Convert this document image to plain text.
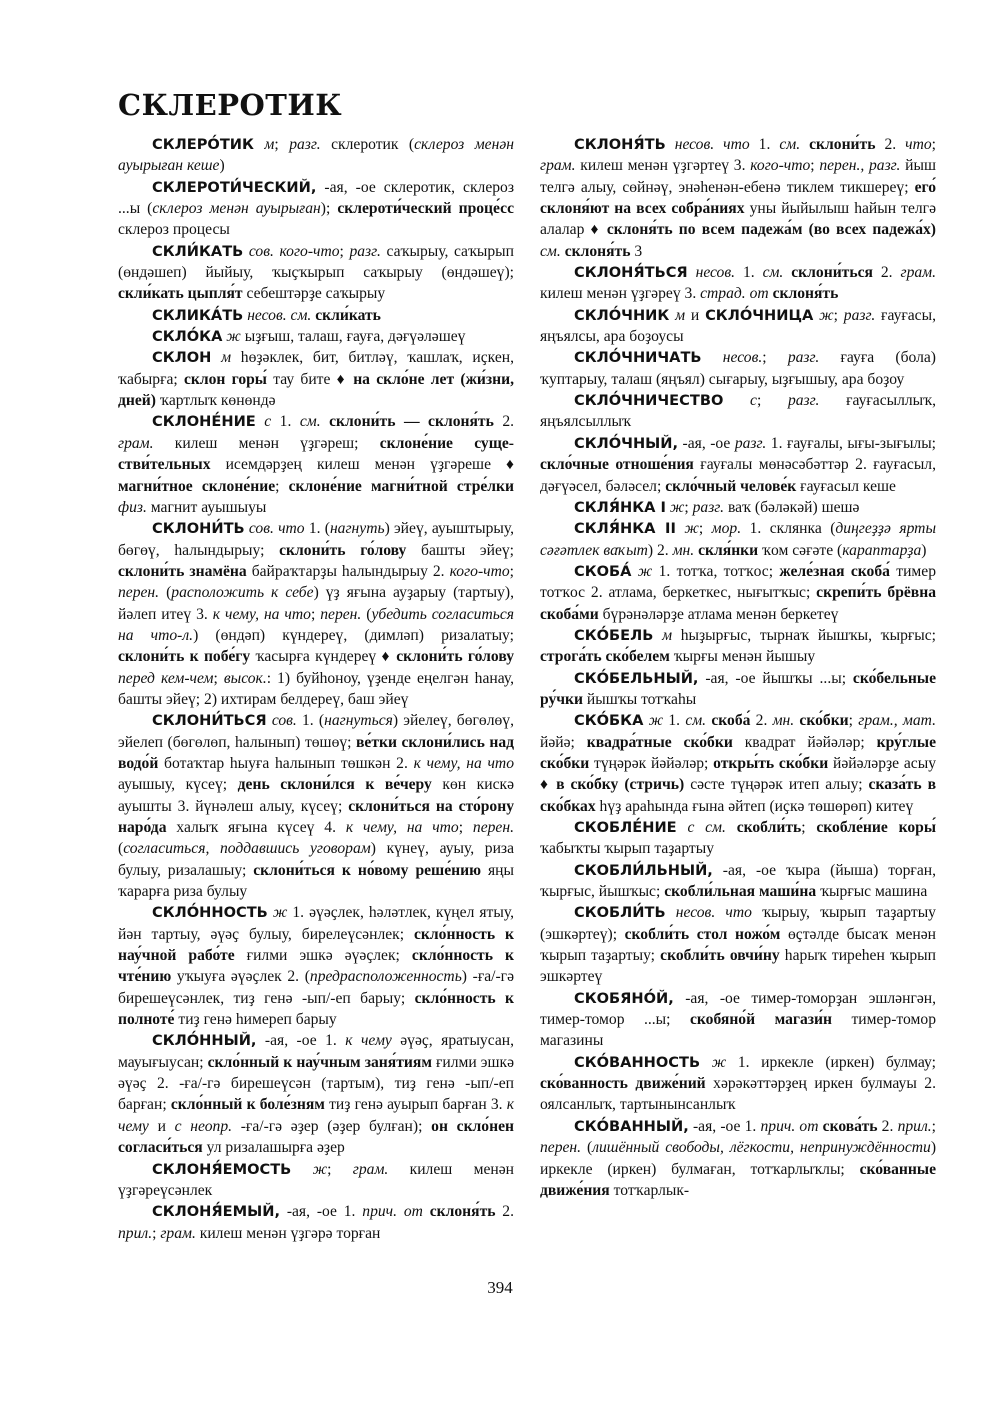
СКЛЕРОТИК

СКЛЕРО́ТИК м; разг. склеротик (склероз менән ауырыған кеше)

СКЛЕРОТИ́ЧЕСКИЙ, -ая, -ое склеротик, склероз ...ы (склероз менән ауырыған); склероти́ческий проце́сс склероз процесы

СКЛИ́КАТЬ сов. кого-что; разг. саҡырыу, саҡырып (өндәшеп) йыйыу, ҡыҫҡырып саҡырыу (өндәшеү); скли́кать цыпля́т себештәрҙе саҡырыу

СКЛИКА́ТЬ несов. см. скли́кать

СКЛО́КА ж ыҙғыш, талаш, ғауға, дәғүәләшеү

СКЛОН м һөҙәклек, бит, битләү, ҡашлаҡ, иҫкен, ҡабырға; склон горы́ тау бите ♦ на скло́не лет (жи́зни, дней) ҡартлыҡ көнөндә

СКЛОНЕ́НИЕ с 1. см. склони́ть — склоня́ть 2. грам. килеш менән үҙгәреш; склоне́ние существи́тельных исемдәрҙең килеш менән үҙгәреше ♦ магни́тное склоне́ние; склоне́ние магни́тной стре́лки физ. магнит ауышыуы

СКЛОНИ́ТЬ сов. что 1. (нагнуть) эйеү, ауыштырыу, бөгөү, һалындырыу; склони́ть го́лову башты эйеү; склони́ть знамёна байраҡтарҙы һалындырыу 2. кого-что; перен. (расположить к себе) үҙ яғына ауҙарыу (тартыу), йәлеп итеү 3. к чему, на что; перен. (убедить согласиться на что-л.) (өндәп) күндереү, (димләп) ризалатыу; склони́ть к побе́гу ҡасырға күндереү ♦ склони́ть го́лову перед кем-чем; высок.: 1) буйһоноу, үҙенде еңелгән һанау, башты эйеү; 2) ихтирам белдереү, баш эйеү

СКЛОНИ́ТЬСЯ сов. 1. (нагнуться) эйелеү, бөгөлөү, эйелеп (бөгөлөп, һалынып) төшөү; ве́тки склони́лись над водо́й ботаҡтар һыуға һалынып төшкән 2. к чему, на что ауышыу, күсеү; день склони́лся к ве́черу көн кискә ауышты 3. йүнәлеш алыу, күсеү; склони́ться на сто́рону наро́да халыҡ яғына күсеү 4. к чему, на что; перен. (согласиться, поддавшись уговорам) күнеү, ауыу, риза булыу, ризалашыу; склони́ться к но́вому реше́нию яңы ҡарарға риза булыу

СКЛО́ННОСТЬ ж 1. әүәҫлек, һәләтлек, күңел ятыу, йән тартыу, әүәҫ булыу, бирелеүсәнлек; скло́нность к нау́чной рабо́те ғилми эшкә әүәҫлек; скло́нность к чте́нию уҡыуға әүәҫлек 2. (предрасположенность) -ға/-гә бирешеүсәнлек, тиҙ генә -ып/-еп барыу; скло́нность к полноте́ тиҙ генә һимереп барыу

СКЛО́ННЫЙ, -ая, -ое 1. к чему әүәҫ, яратыусан, мауығыусан; скло́нный к нау́чным заня́тиям ғилми эшкә әүәҫ 2. -ға/-гә бирешеүсән (тартым), тиҙ генә -ып/-еп барған; скло́нный к боле́зням тиҙ генә ауырып барған 3. к чему и с неопр. -ға/-гә әҙер (әҙер булған); он скло́нен согласи́ться ул ризалашырға әҙер

СКЛОНЯ́ЕМОСТЬ ж; грам. килеш менән үҙгәреүсәнлек

СКЛОНЯ́ЕМЫЙ, -ая, -ое 1. прич. от склоня́ть 2. прил.; грам. килеш менән үҙгәрә торған

СКЛОНЯ́ТЬ несов. что 1. см. склони́ть 2. что; грам. килеш менән үҙгәртеү 3. кого-что; перен., разг. йыш телгә алыу, сөйнәү, энәһенән-ебенә тиклем тикшереү; его́ склоня́ют на всех собра́ниях уны йыйылыш һайын телгә алалар ♦ склоня́ть по всем падежа́м (во всех падежа́х) см. склоня́ть 3

СКЛОНЯ́ТЬСЯ несов. 1. см. склони́ться 2. грам. килеш менән үҙгәреү 3. страд. от склоня́ть

СКЛО́ЧНИК м и СКЛО́ЧНИЦА ж; разг. ғауғасы, яңъялсы, ара боҙоусы

СКЛО́ЧНИЧАТЬ несов.; разг. ғауға (бола) ҡуптарыу, талаш (яңъял) сығарыу, ыҙғышыу, ара боҙоу

СКЛО́ЧНИЧЕСТВО с; разг. ғауғасыллыҡ, яңъялсыллыҡ

СКЛО́ЧНЫЙ, -ая, -ое разг. 1. ғауғалы, ығы-зығылы; скло́чные отноше́ния ғауғалы мөнәсәбәттәр 2. ғауғасыл, дәғүәсел, бәләсел; скло́чный челове́к ғауғасыл кеше

СКЛЯ́НКА I ж; разг. ваҡ (бәләкәй) шешә

СКЛЯ́НКА II ж; мор. 1. склянка (диңгеҙҙә ярты сәғәтлек ваҡыт) 2. мн. скля́нки ҡом сәғәте (караптарҙа)

СКОБА́ ж 1. тотҡа, тотҡос; желе́зная скоба́ тимер тотҡос 2. атлама, беркеткес, нығытҡыс; скрепи́ть брёвна скоба́ми бүрәнәләрҙе атлама менән беркетеү

СКО́БЕЛЬ м һыҙырғыс, тырнаҡ йышҡы, ҡырғыс; строга́ть ско́белем ҡырғы менән йышыу

СКО́БЕЛЬНЫЙ, -ая, -ое йышҡы ...ы; ско́бельные ру́чки йышҡы тотҡаһы

СКО́БКА ж 1. см. скоба́ 2. мн. ско́бки; грам., мат. йәйә; квадра́тные ско́бки квадрат йәйәләр; кру́глые ско́бки түңәрәк йәйәләр; откры́ть ско́бки йәйәләрҙе асыу ♦ в ско́бку (стричь) сәсте түңәрәк итеп алыу; сказа́ть в ско́бках һүҙ араһында ғына әйтеп (иҫкә төшөрөп) китеү

СКОБЛЕ́НИЕ с см. скобли́ть; скобле́ние коры́ ҡабыҡты ҡырып таҙартыу

СКОБЛИ́ЛЬНЫЙ, -ая, -ое ҡыра (йыша) торған, ҡырғыс, йышҡыс; скобли́льная маши́на ҡырғыс машина

СКОБЛИ́ТЬ несов. что ҡырыу, ҡырып таҙартыу (эшкәртеү); скобли́ть стол ножо́м өҫтәлде бысаҡ менән ҡырып таҙартыу; скобли́ть овчи́ну һарыҡ тиреһен ҡырып эшкәртеү

СКОБЯНО́Й, -ая, -ое тимер-томорҙан эшләнгән, тимер-томор ...ы; скобяно́й магази́н тимер-томор магазины

СКО́ВАННОСТЬ ж 1. иркекле (иркен) булмау; ско́ванность движе́ний хәрәкәттәрҙең иркен булмауы 2. оялсанлыҡ, тартынынсанлыҡ

СКО́ВАННЫЙ, -ая, -ое 1. прич. от скова́ть 2. прил.; перен. (лишённый свободы, лёгкости, непринуждённости) иркекле (иркен) булмаған, тотҡарлыҡлы; ско́ванные движе́ния тотҡарлык-

394
